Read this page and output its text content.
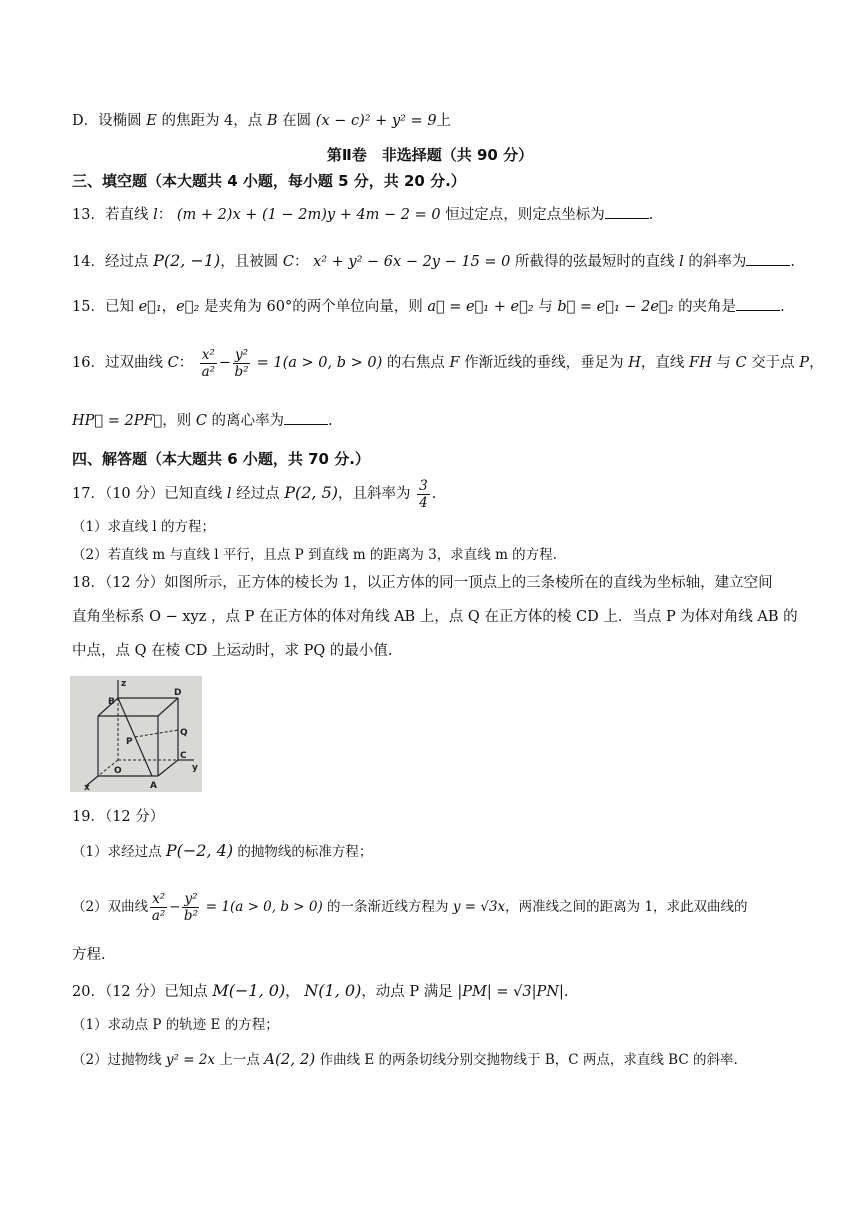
D．设椭圆 E 的焦距为 4，点 B 在圆 (x − c)² + y² = 9上
第Ⅱ卷　非选择题（共 90 分）
三、填空题（本大题共 4 小题，每小题 5 分，共 20 分.）
13．若直线 l： (m + 2)x + (1 − 2m)y + 4m − 2 = 0 恒过定点，则定点坐标为	.
14．经过点 P(2, −1)，且被圆 C： x² + y² − 6x − 2y − 15 = 0 所截得的弦最短时的直线 l 的斜率为	.
15．已知 e⃗₁，e⃗₂ 是夹角为 60°的两个单位向量，则 a⃗ = e⃗₁ + e⃗₂ 与 b⃗ = e⃗₁ − 2e⃗₂ 的夹角是	.
16．过双曲线 C： $\frac{\text{x²}}{\text{a²}} - \frac{\text{y²}}{\text{b²}} = 1(a > 0$, b > 0) 的右焦点 F 作渐近线的垂线，垂足为 H，直线 FH 与 C 交于点 P，
HP⃗ = 2PF⃗，则 C 的离心率为	.
四、解答题（本大题共 6 小题，共 70 分.）
17．（10 分）已知直线 l 经过点 P(2, 5)，且斜率为 $\frac{3}{4}$ .
（1）求直线 l 的方程；
（2）若直线 m 与直线 l 平行，且点 P 到直线 m 的距离为 3，求直线 m 的方程.
18．（12 分）如图所示，正方体的棱长为 1，以正方体的同一顶点上的三条棱所在的直线为坐标轴，建立空间
直角坐标系 O − xyz ，点 P 在正方体的体对角线 AB 上，点 Q 在正方体的棱 CD 上．当点 P 为体对角线 AB 的
中点，点 Q 在棱 CD 上运动时，求 PQ 的最小值.
B
z
D
Q
P
C
O
A
y
x
19．（12 分）
（1）求经过点 P(−2, 4) 的抛物线的标准方程；
（2）双曲线 $\frac{\text{x²}}{\text{a²}} - \frac{\text{y²}}{\text{b²}} = 1(a > 0$, b > 0) 的一条渐近线方程为 y = √3x，两准线之间的距离为 1，求此双曲线的
方程.
20．（12 分）已知点 M(−1, 0)， N(1, 0)，动点 P 满足 |PM| = √3|PN|.
（1）求动点 P 的轨迹 E 的方程；
（2）过抛物线 y² = 2x 上一点 A(2, 2) 作曲线 E 的两条切线分别交抛物线于 B，C 两点，求直线 BC 的斜率.
